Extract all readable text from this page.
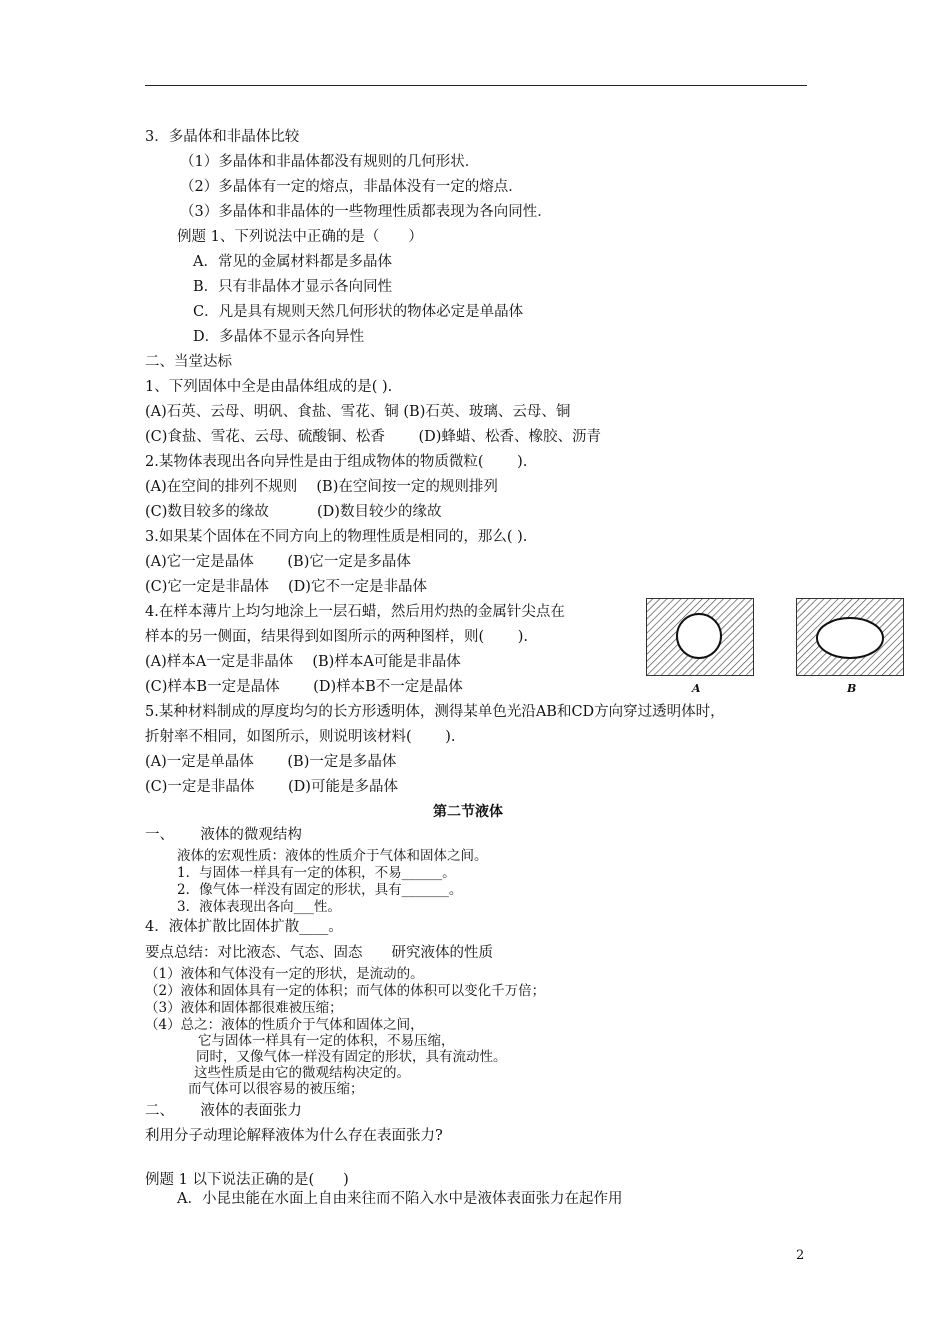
3．多晶体和非晶体比较
（1）多晶体和非晶体都没有规则的几何形状．
（2）多晶体有一定的熔点，非晶体没有一定的熔点．
（3）多晶体和非晶体的一些物理性质都表现为各向同性．
例题 1、下列说法中正确的是（　　）
A．常见的金属材料都是多晶体
B．只有非晶体才显示各向同性
C．凡是具有规则天然几何形状的物体必定是单晶体
D．多晶体不显示各向异性
二、当堂达标
1、下列固体中全是由晶体组成的是( ).
(A)石英、云母、明矾、食盐、雪花、铜 (B)石英、玻璃、云母、铜
(C)食盐、雪花、云母、硫酸铜、松香　　 (D)蜂蜡、松香、橡胶、沥青
2.某物体表现出各向异性是由于组成物体的物质微粒(　　 ).
(A)在空间的排列不规则　 (B)在空间按一定的规则排列
(C)数目较多的缘故　　　 (D)数目较少的缘故
3.如果某个固体在不同方向上的物理性质是相同的，那么( ).
(A)它一定是晶体　　 (B)它一定是多晶体
(C)它一定是非晶体　 (D)它不一定是非晶体
4.在样本薄片上均匀地涂上一层石蜡，然后用灼热的金属针尖点在
样本的另一侧面，结果得到如图所示的两种图样，则(　　 ).
(A)样本A一定是非晶体　 (B)样本A可能是非晶体
(C)样本B一定是晶体　　 (D)样本B不一定是晶体
5.某种材料制成的厚度均匀的长方形透明体，测得某单色光沿AB和CD方向穿过透明体时，
折射率不相同，如图所示，则说明该材料(　　 ).
(A)一定是单晶体　　 (B)一定是多晶体
(C)一定是非晶体　　 (D)可能是多晶体
A	B
第二节液体
一、　　 液体的微观结构
液体的宏观性质：液体的性质介于气体和固体之间。
1．与固体一样具有一定的体积，不易______。
2．像气体一样没有固定的形状，具有_______。
3．液体表现出各向___性。
4．液体扩散比固体扩散____。
要点总结：对比液态、气态、固态　　研究液体的性质
（1）液体和气体没有一定的形状，是流动的。
（2）液体和固体具有一定的体积；而气体的体积可以变化千万倍；
（3）液体和固体都很难被压缩；
（4）总之：液体的性质介于气体和固体之间，
它与固体一样具有一定的体积，不易压缩，
同时，又像气体一样没有固定的形状，具有流动性。
这些性质是由它的微观结构决定的。
而气体可以很容易的被压缩；
二、　　 液体的表面张力
利用分子动理论解释液体为什么存在表面张力?
例题 1 以下说法正确的是(　　)
A．小昆虫能在水面上自由来往而不陷入水中是液体表面张力在起作用
2
